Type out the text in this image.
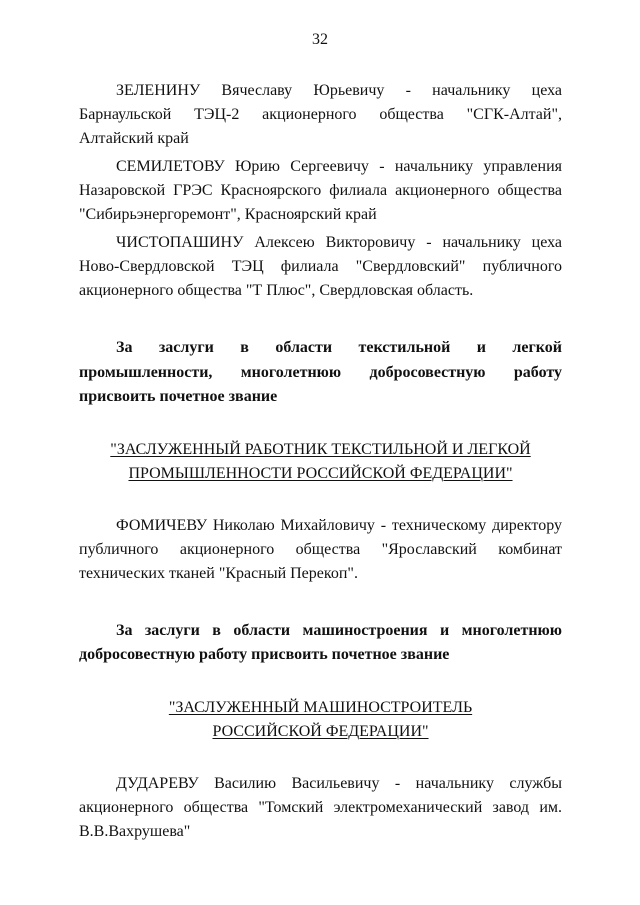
32

ЗЕЛЕНИНУ Вячеславу Юрьевичу - начальнику цеха Барнаульской ТЭЦ-2 акционерного общества "СГК-Алтай", Алтайский край

СЕМИЛЕТОВУ Юрию Сергеевичу - начальнику управления Назаровской ГРЭС Красноярского филиала акционерного общества "Сибирьэнергоремонт", Красноярский край

ЧИСТОПАШИНУ Алексею Викторовичу - начальнику цеха Ново-Свердловской ТЭЦ филиала "Свердловский" публичного акционерного общества "Т Плюс", Свердловская область.

За заслуги в области текстильной и легкой промышленности, многолетнюю добросовестную работу присвоить почетное звание

"ЗАСЛУЖЕННЫЙ РАБОТНИК ТЕКСТИЛЬНОЙ И ЛЕГКОЙ
ПРОМЫШЛЕННОСТИ РОССИЙСКОЙ ФЕДЕРАЦИИ"

ФОМИЧЕВУ Николаю Михайловичу - техническому директору публичного акционерного общества "Ярославский комбинат технических тканей "Красный Перекоп".

За заслуги в области машиностроения и многолетнюю добросовестную работу присвоить почетное звание

"ЗАСЛУЖЕННЫЙ МАШИНОСТРОИТЕЛЬ
РОССИЙСКОЙ ФЕДЕРАЦИИ"

ДУДАРЕВУ Василию Васильевичу - начальнику службы акционерного общества "Томский электромеханический завод им. В.В.Вахрушева"
